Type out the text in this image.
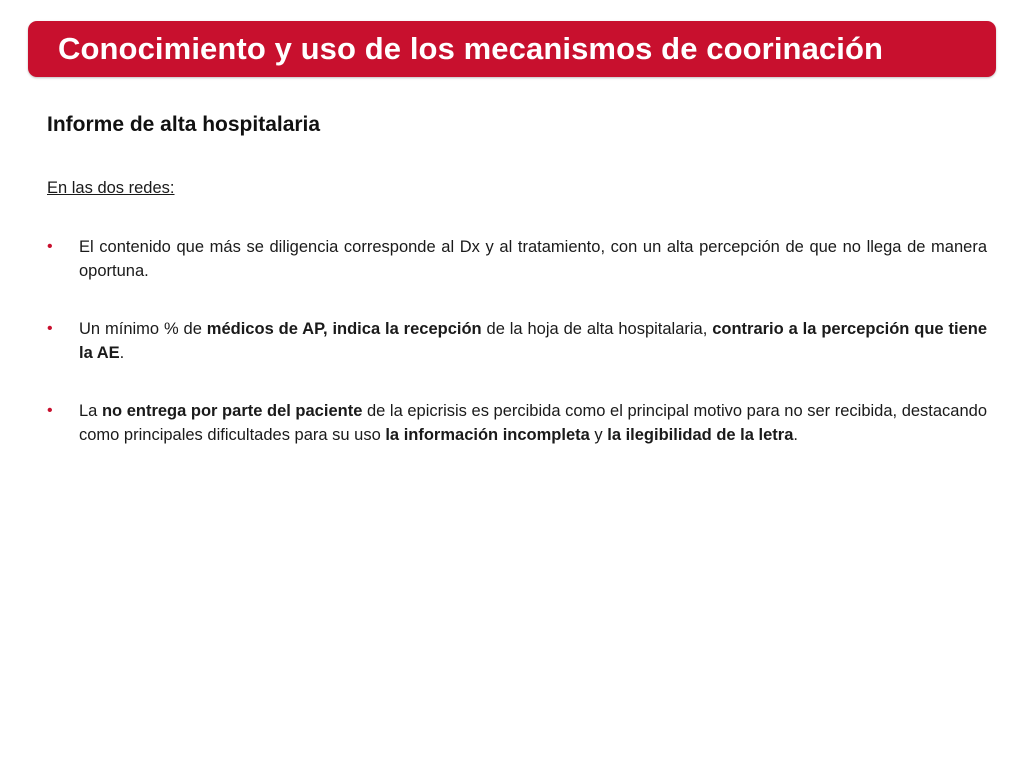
Conocimiento y uso de los mecanismos de coorinación
Informe de alta hospitalaria
En las dos redes:
• El contenido que más se diligencia corresponde al Dx y al tratamiento, con un alta percepción de que no llega de manera oportuna.
• Un mínimo % de médicos de AP, indica la recepción de la hoja de alta hospitalaria, contrario a la percepción que tiene la AE.
• La no entrega por parte del paciente de la epicrisis es percibida como el principal motivo para no ser recibida, destacando como principales dificultades para su uso la información incompleta y la ilegibilidad de la letra.
